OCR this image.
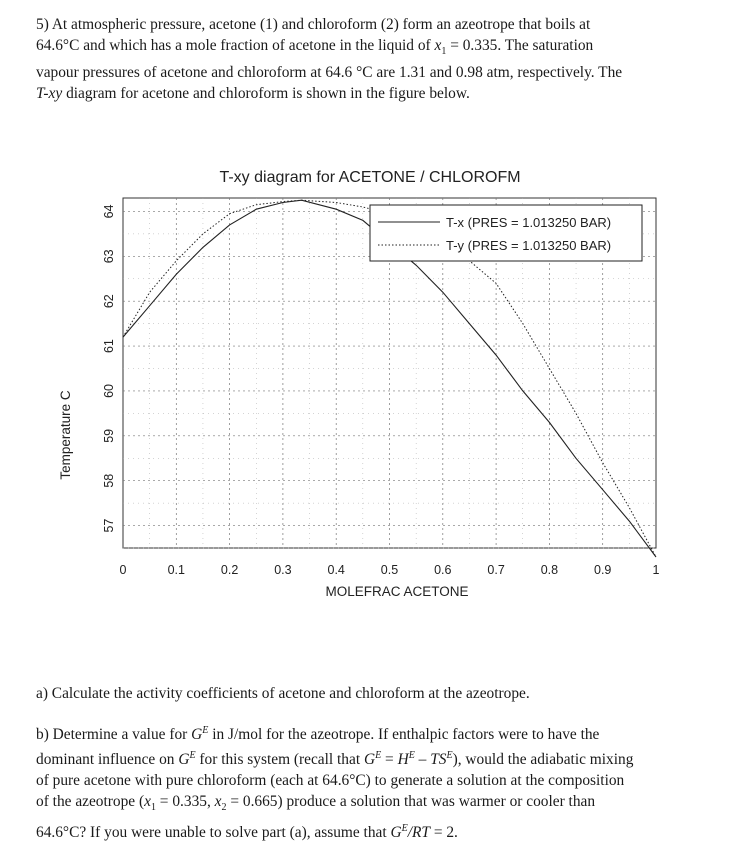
5) At atmospheric pressure, acetone (1) and chloroform (2) form an azeotrope that boils at
64.6°C and which has a mole fraction of acetone in the liquid of $x_1 = 0.335$. The saturation
vapour pressures of acetone and chloroform at 64.6 °C are 1.31 and 0.98 atm, respectively. The
T-xy diagram for acetone and chloroform is shown in the figure below.
T-xy diagram for ACETONE / CHLOROFM
MOLEFRAC ACETONE
Temperature C
0	0.1	0.2	0.3	0.4	0.5	0.6	0.7	0.8	0.9	1
57
58
59
60
61
62
63
64
T-x (PRES = 1.013250 BAR)
T-y (PRES = 1.013250 BAR)
a) Calculate the activity coefficients of acetone and chloroform at the azeotrope.
b) Determine a value for $G^E$ in J/mol for the azeotrope. If enthalpic factors were to have the
dominant influence on $G^E$ for this system (recall that $G^E = H^E - TS^E$), would the adiabatic mixing
of pure acetone with pure chloroform (each at 64.6°C) to generate a solution at the composition
of the azeotrope ($x_1 = 0.335$, $x_2 = 0.665$) produce a solution that was warmer or cooler than
64.6°C? If you were unable to solve part (a), assume that $G^E/RT = 2$.
